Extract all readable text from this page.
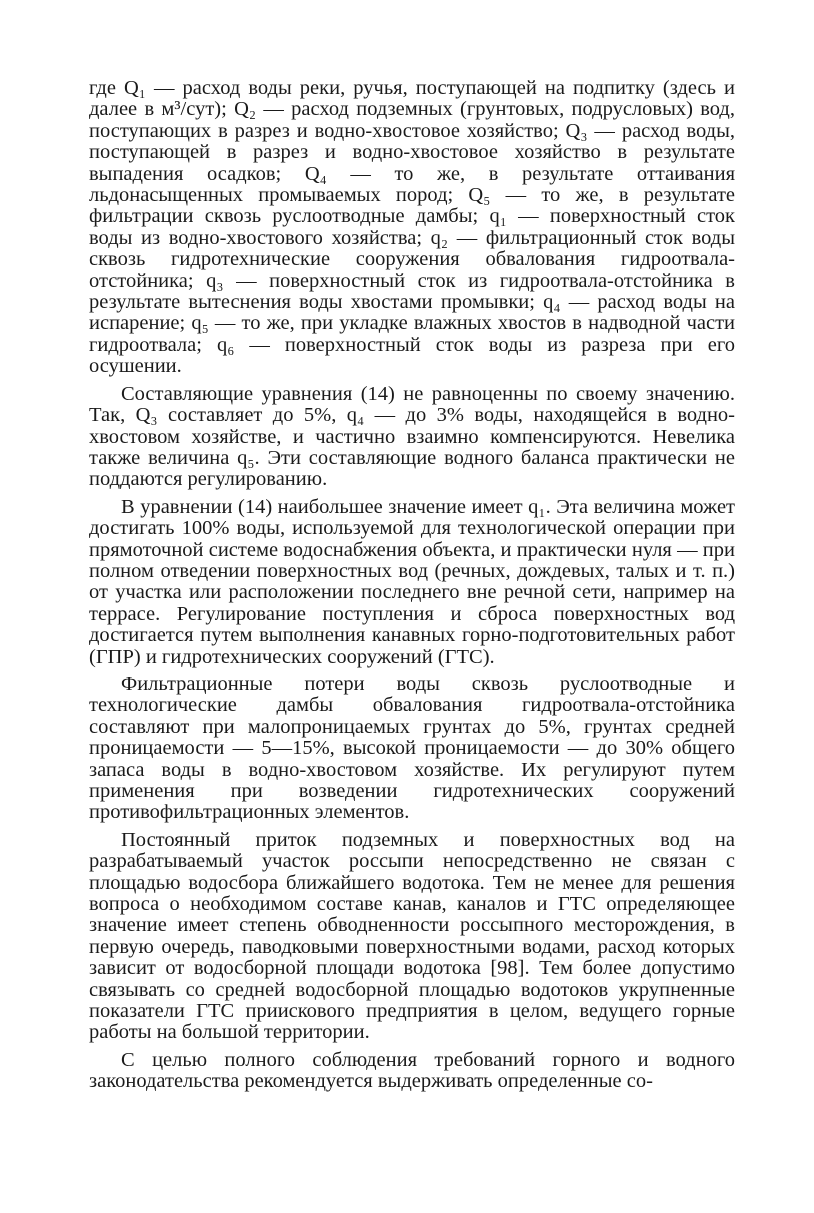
где Q₁ — расход воды реки, ручья, поступающей на подпитку (здесь и далее в м³/сут); Q₂ — расход подземных (грунтовых, подрусловых) вод, поступающих в разрез и водно-хвостовое хозяйство; Q₃ — расход воды, поступающей в разрез и водно-хвостовое хозяйство в результате выпадения осадков; Q₄ — то же, в результате оттаивания льдонасыщенных промываемых пород; Q₅ — то же, в результате фильтрации сквозь руслоотводные дамбы; q₁ — поверхностный сток воды из водно-хвостового хозяйства; q₂ — фильтрационный сток воды сквозь гидротехнические сооружения обвалования гидроотвала-отстойника; q₃ — поверхностный сток из гидроотвала-отстойника в результате вытеснения воды хвостами промывки; q₄ — расход воды на испарение; q₅ — то же, при укладке влажных хвостов в надводной части гидроотвала; q₆ — поверхностный сток воды из разреза при его осушении.

Составляющие уравнения (14) не равноценны по своему значению. Так, Q₃ составляет до 5%, q₄ — до 3% воды, находящейся в водно-хвостовом хозяйстве, и частично взаимно компенсируются. Невелика также величина q₅. Эти составляющие водного баланса практически не поддаются регулированию.

В уравнении (14) наибольшее значение имеет q₁. Эта величина может достигать 100% воды, используемой для технологической операции при прямоточной системе водоснабжения объекта, и практически нуля — при полном отведении поверхностных вод (речных, дождевых, талых и т. п.) от участка или расположении последнего вне речной сети, например на террасе. Регулирование поступления и сброса поверхностных вод достигается путем выполнения канавных горно-подготовительных работ (ГПР) и гидротехнических сооружений (ГТС).

Фильтрационные потери воды сквозь руслоотводные и технологические дамбы обвалования гидроотвала-отстойника составляют при малопроницаемых грунтах до 5%, грунтах средней проницаемости — 5—15%, высокой проницаемости — до 30% общего запаса воды в водно-хвостовом хозяйстве. Их регулируют путем применения при возведении гидротехнических сооружений противофильтрационных элементов.

Постоянный приток подземных и поверхностных вод на разрабатываемый участок россыпи непосредственно не связан с площадью водосбора ближайшего водотока. Тем не менее для решения вопроса о необходимом составе канав, каналов и ГТС определяющее значение имеет степень обводненности россыпного месторождения, в первую очередь, паводковыми поверхностными водами, расход которых зависит от водосборной площади водотока [98]. Тем более допустимо связывать со средней водосборной площадью водотоков укрупненные показатели ГТС приискового предприятия в целом, ведущего горные работы на большой территории.

С целью полного соблюдения требований горного и водного законодательства рекомендуется выдерживать определенные со-
